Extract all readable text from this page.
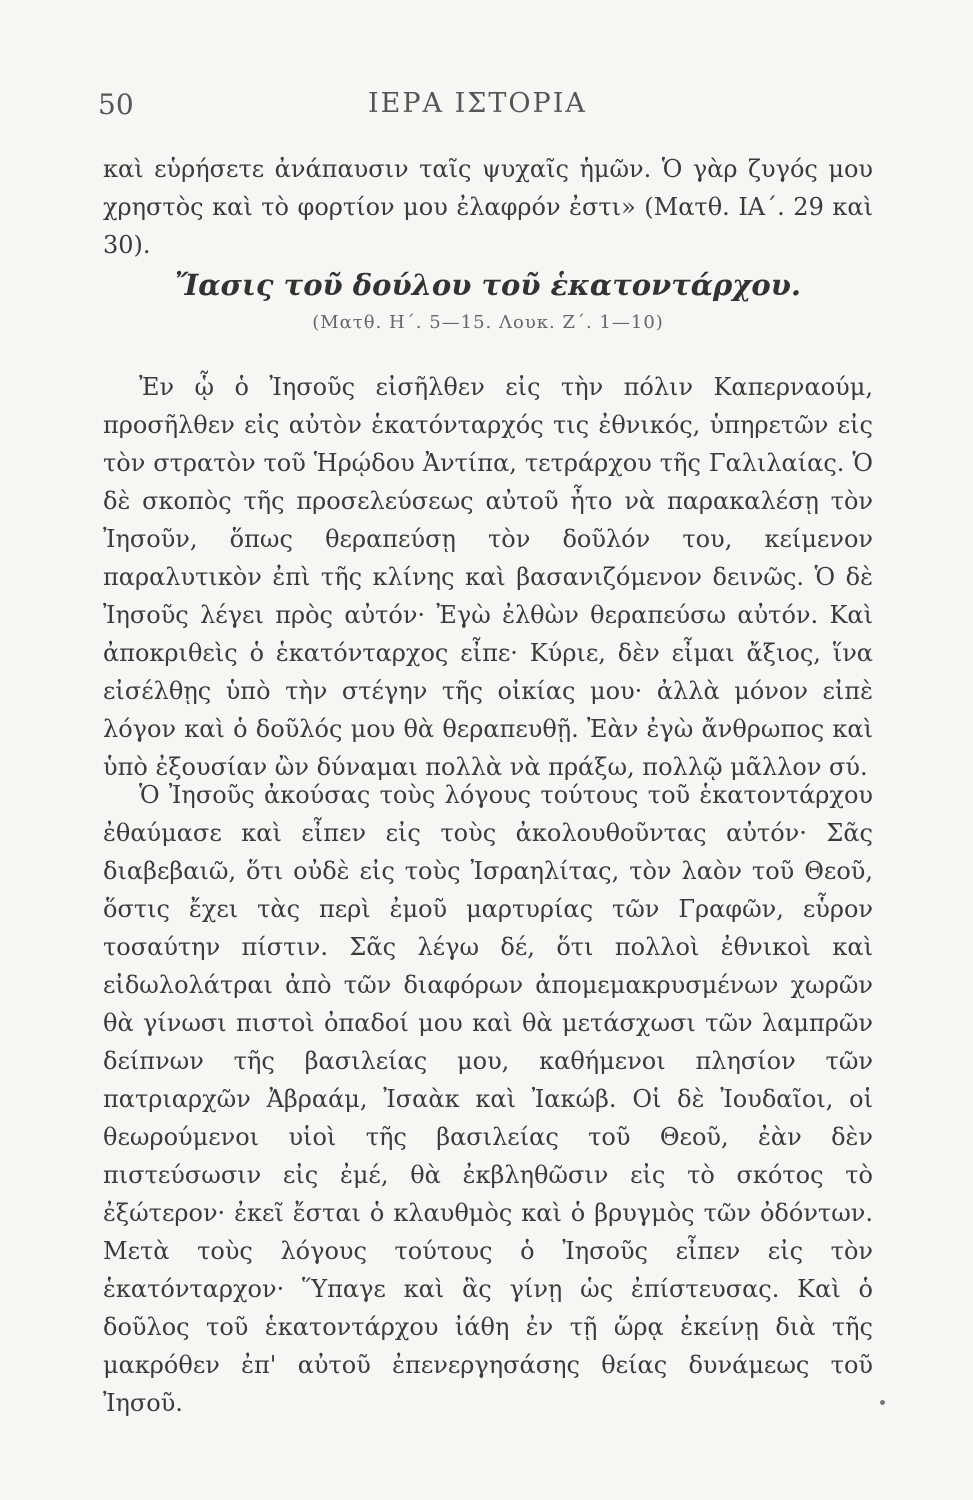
50	ΙΕΡΑ ΙΣΤΟΡΙΑ
καὶ εὑρήσετε ἀνάπαυσιν ταῖς ψυχαῖς ἡμῶν. Ὁ γὰρ ζυγός μου χρηστὸς καὶ τὸ φορτίον μου ἐλαφρόν ἐστι» (Ματθ. ΙΑ΄. 29 καὶ 30).
Ἴασις τοῦ δούλου τοῦ ἑκατοντάρχου.
(Ματθ. Η΄. 5—15. Λουκ. Ζ΄. 1—10)
Ἐν ᾧ ὁ Ἰησοῦς εἰσῆλθεν εἰς τὴν πόλιν Καπερναούμ, προσῆλθεν εἰς αὐτὸν ἑκατόνταρχός τις ἐθνικός, ὑπηρετῶν εἰς τὸν στρατὸν τοῦ Ἡρῴδου Ἀντίπα, τετράρχου τῆς Γαλιλαίας. Ὁ δὲ σκοπὸς τῆς προσελεύσεως αὐτοῦ ἦτο νὰ παρακαλέσῃ τὸν Ἰησοῦν, ὅπως θεραπεύσῃ τὸν δοῦλόν του, κείμενον παραλυτικὸν ἐπὶ τῆς κλίνης καὶ βασανιζόμενον δεινῶς. Ὁ δὲ Ἰησοῦς λέγει πρὸς αὐτόν· Ἐγὼ ἐλθὼν θεραπεύσω αὐτόν. Καὶ ἀποκριθεὶς ὁ ἑκατόνταρχος εἶπε· Κύριε, δὲν εἶμαι ἄξιος, ἵνα εἰσέλθῃς ὑπὸ τὴν στέγην τῆς οἰκίας μου· ἀλλὰ μόνον εἰπὲ λόγον καὶ ὁ δοῦλός μου θὰ θεραπευθῇ. Ἐὰν ἐγὼ ἄνθρωπος καὶ ὑπὸ ἐξουσίαν ὢν δύναμαι πολλὰ νὰ πράξω, πολλῷ μᾶλλον σύ.
Ὁ Ἰησοῦς ἀκούσας τοὺς λόγους τούτους τοῦ ἑκατοντάρχου ἐθαύμασε καὶ εἶπεν εἰς τοὺς ἀκολουθοῦντας αὐτόν· Σᾶς διαβεβαιῶ, ὅτι οὐδὲ εἰς τοὺς Ἰσραηλίτας, τὸν λαὸν τοῦ Θεοῦ, ὅστις ἔχει τὰς περὶ ἐμοῦ μαρτυρίας τῶν Γραφῶν, εὗρον τοσαύτην πίστιν. Σᾶς λέγω δέ, ὅτι πολλοὶ ἐθνικοὶ καὶ εἰδωλολάτραι ἀπὸ τῶν διαφόρων ἀπομεμακρυσμένων χωρῶν θὰ γίνωσι πιστοὶ ὀπαδοί μου καὶ θὰ μετάσχωσι τῶν λαμπρῶν δείπνων τῆς βασιλείας μου, καθήμενοι πλησίον τῶν πατριαρχῶν Ἀβραάμ, Ἰσαὰκ καὶ Ἰακώβ. Οἱ δὲ Ἰουδαῖοι, οἱ θεωρούμενοι υἱοὶ τῆς βασιλείας τοῦ Θεοῦ, ἐὰν δὲν πιστεύσωσιν εἰς ἐμέ, θὰ ἐκβληθῶσιν εἰς τὸ σκότος τὸ ἐξώτερον· ἐκεῖ ἔσται ὁ κλαυθμὸς καὶ ὁ βρυγμὸς τῶν ὀδόντων. Μετὰ τοὺς λόγους τούτους ὁ Ἰησοῦς εἶπεν εἰς τὸν ἑκατόνταρχον· Ὕπαγε καὶ ἃς γίνῃ ὡς ἐπίστευσας. Καὶ ὁ δοῦλος τοῦ ἑκατοντάρχου ἰάθη ἐν τῇ ὥρᾳ ἐκείνῃ διὰ τῆς μακρόθεν ἐπ' αὐτοῦ ἐπενεργησάσης θείας δυνάμεως τοῦ Ἰησοῦ.
